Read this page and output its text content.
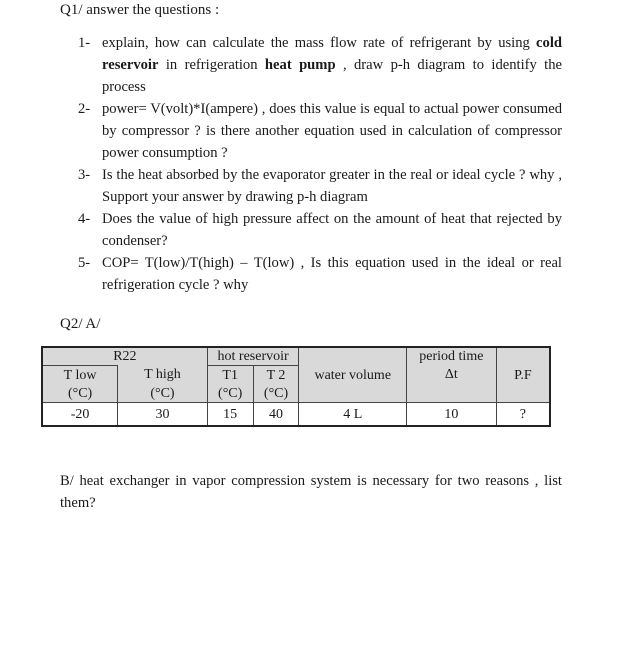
Q1/ answer the questions :
1- explain, how can calculate the mass flow rate of refrigerant by using cold reservoir in refrigeration heat pump , draw p-h diagram to identify the process

2- power= V(volt)*I(ampere) , does this value is equal to actual power consumed by compressor ? is there another equation used in calculation of compressor power consumption ?

3- Is the heat absorbed by the evaporator greater in the real or ideal cycle ? why , Support your answer by drawing p-h diagram

4- Does the value of high pressure affect on the amount of heat that rejected by condenser?

5- COP= T(low)/T(high) – T(low) , Is this equation used in the ideal or real refrigeration cycle ? why

Q2/ A/
R22		hot reservoir		water volume	period time	P.F
T low	T high	T1	T 2		Δt	
(°C)	(°C)	(°C)	(°C)			
-20	30	15	40	4 L	10	?

B/ heat exchanger in vapor compression system is necessary for two reasons , list them?
